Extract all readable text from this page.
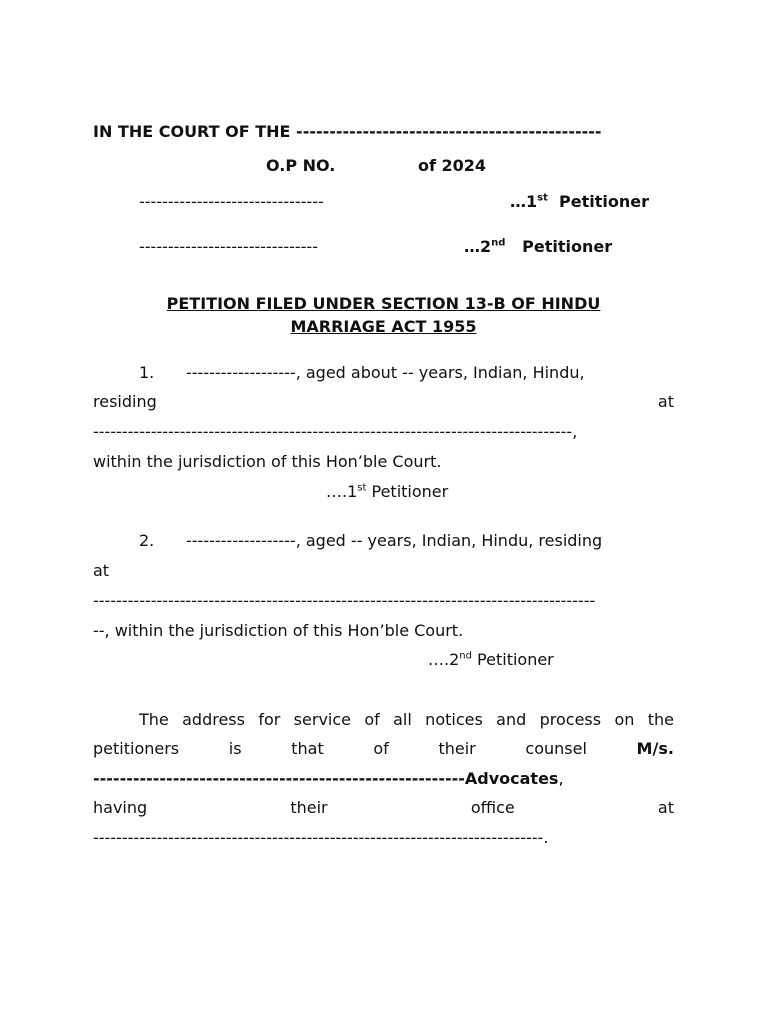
IN THE COURT OF THE ----------------------------------------------
O.P NO.	of 2024
--------------------------------	…1st Petitioner
-------------------------------	…2nd Petitioner
PETITION FILED UNDER SECTION 13-B OF HINDU
MARRIAGE ACT 1955
1. -------------------, aged about -- years, Indian, Hindu,
residing	at
-----------------------------------------------------------------------------------,
within the jurisdiction of this Hon’ble Court.
….1st Petitioner
2. -------------------, aged -- years, Indian, Hindu, residing
at
---------------------------------------------------------------------------------------
--, within the jurisdiction of this Hon’ble Court.
….2nd Petitioner
The address for service of all notices and process on the
petitioners	is	that	of	their	counsel	M/s.
--------------------------------------------------------Advocates,
having	their	office	at
------------------------------------------------------------------------------.
